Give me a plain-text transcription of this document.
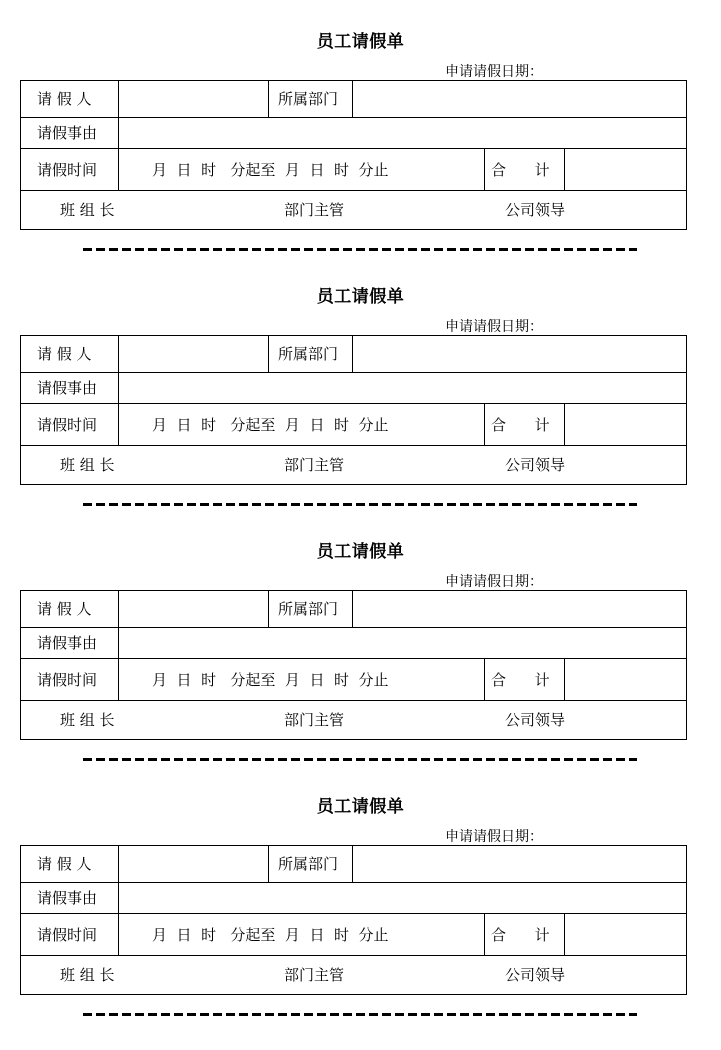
员工请假单
申请请假日期：
请 假 人	所属部门
请假事由
请假时间	月  日  时   分起至  月  日  时  分止	合      计
班 组 长	部门主管	公司领导
员工请假单
申请请假日期：
请 假 人	所属部门
请假事由
请假时间	月  日  时   分起至  月  日  时  分止	合      计
班 组 长	部门主管	公司领导
员工请假单
申请请假日期：
请 假 人	所属部门
请假事由
请假时间	月  日  时   分起至  月  日  时  分止	合      计
班 组 长	部门主管	公司领导
员工请假单
申请请假日期：
请 假 人	所属部门
请假事由
请假时间	月  日  时   分起至  月  日  时  分止	合      计
班 组 长	部门主管	公司领导
